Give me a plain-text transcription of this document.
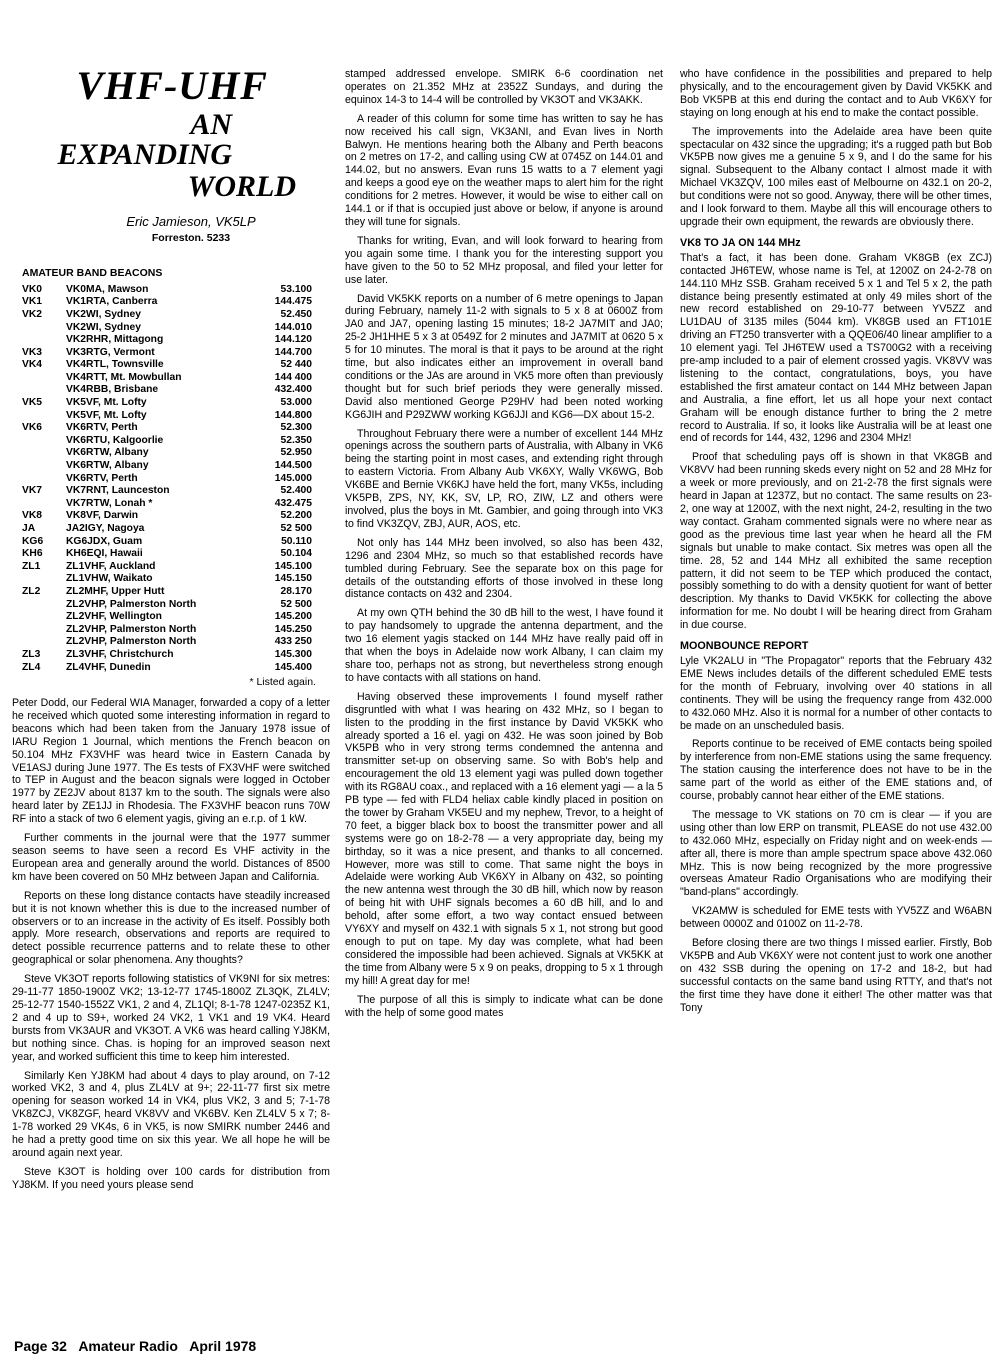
VHF-UHF
AN EXPANDING
WORLD
Eric Jamieson, VK5LP
Forreston. 5233
AMATEUR BAND BEACONS
VK0	VK0MA, Mawson	53.100
VK1	VK1RTA, Canberra	144.475
VK2	VK2WI, Sydney	52.450
	VK2WI, Sydney	144.010
	VK2RHR, Mittagong	144.120
VK3	VK3RTG, Vermont	144.700
VK4	VK4RTL, Townsville	52 440
	VK4RTT, Mt. Mowbullan	144 400
	VK4RBB, Brisbane	432.400
VK5	VK5VF, Mt. Lofty	53.000
	VK5VF, Mt. Lofty	144.800
VK6	VK6RTV, Perth	52.300
	VK6RTU, Kalgoorlie	52.350
	VK6RTW, Albany	52.950
	VK6RTW, Albany	144.500
	VK6RTV, Perth	145.000
VK7	VK7RNT, Launceston	52.400
	VK7RTW, Lonah *	432.475
VK8	VK8VF, Darwin	52.200
JA	JA2IGY, Nagoya	52 500
KG6	KG6JDX, Guam	50.110
KH6	KH6EQI, Hawaii	50.104
ZL1	ZL1VHF, Auckland	145.100
	ZL1VHW, Waikato	145.150
ZL2	ZL2MHF, Upper Hutt	28.170
	ZL2VHP, Palmerston North	52 500
	ZL2VHF, Wellington	145.200
	ZL2VHP, Palmerston North	145.250
	ZL2VHP, Palmerston North	433 250
ZL3	ZL3VHF, Christchurch	145.300
ZL4	ZL4VHF, Dunedin	145.400
* Listed again.

Peter Dodd, our Federal WIA Manager, forwarded a copy of a letter he received which quoted some interesting information in regard to beacons which had been taken from the January 1978 issue of IARU Region 1 Journal, which mentions the French beacon on 50.104 MHz FX3VHF was heard twice in Eastern Canada by VE1ASJ during June 1977. The Es tests of FX3VHF were switched to TEP in August and the beacon signals were logged in October 1977 by ZE2JV about 8137 km to the south. The signals were also heard later by ZE1JJ in Rhodesia. The FX3VHF beacon runs 70W RF into a stack of two 6 element yagis, giving an e.r.p. of 1 kW.

Further comments in the journal were that the 1977 summer season seems to have seen a record Es VHF activity in the European area and generally around the world. Distances of 8500 km have been covered on 50 MHz between Japan and California.

Reports on these long distance contacts have steadily increased but it is not known whether this is due to the increased number of observers or to an increase in the activity of Es itself. Possibly both apply. More research, observations and reports are required to detect possible recurrence patterns and to relate these to other geographical or solar phenomena. Any thoughts?

Steve VK3OT reports following statistics of VK9NI for six metres: 29-11-77 1850-1900Z VK2; 13-12-77 1745-1800Z ZL3QK, ZL4LV; 25-12-77 1540-1552Z VK1, 2 and 4, ZL1QI; 8-1-78 1247-0235Z K1, 2 and 4 up to S9+, worked 24 VK2, 1 VK1 and 19 VK4. Heard bursts from VK3AUR and VK3OT. A VK6 was heard calling YJ8KM, but nothing since. Chas. is hoping for an improved season next year, and worked sufficient this time to keep him interested.

Similarly Ken YJ8KM had about 4 days to play around, on 7-12 worked VK2, 3 and 4, plus ZL4LV at 9+; 22-11-77 first six metre opening for season worked 14 in VK4, plus VK2, 3 and 5; 7-1-78 VK8ZCJ, VK8ZGF, heard VK8VV and VK6BV. Ken ZL4LV 5 x 7; 8-1-78 worked 29 VK4s, 6 in VK5, is now SMIRK number 2446 and he had a pretty good time on six this year. We all hope he will be around again next year.

Steve K3OT is holding over 100 cards for distribution from YJ8KM. If you need yours please send

stamped addressed envelope. SMIRK 6-6 coordination net operates on 21.352 MHz at 2352Z Sundays, and during the equinox 14-3 to 14-4 will be controlled by VK3OT and VK3AKK.

A reader of this column for some time has written to say he has now received his call sign, VK3ANI, and Evan lives in North Balwyn. He mentions hearing both the Albany and Perth beacons on 2 metres on 17-2, and calling using CW at 0745Z on 144.01 and 144.02, but no answers. Evan runs 15 watts to a 7 element yagi and keeps a good eye on the weather maps to alert him for the right conditions for 2 metres. However, it would be wise to either call on 144.1 or if that is occupied just above or below, if anyone is around they will tune for signals.

Thanks for writing, Evan, and will look forward to hearing from you again some time. I thank you for the interesting support you have given to the 50 to 52 MHz proposal, and filed your letter for use later.

David VK5KK reports on a number of 6 metre openings to Japan during February, namely 11-2 with signals to 5 x 8 at 0600Z from JA0 and JA7, opening lasting 15 minutes; 18-2 JA7MIT and JA0; 25-2 JH1HHE 5 x 3 at 0549Z for 2 minutes and JA7MIT at 0620 5 x 5 for 10 minutes. The moral is that it pays to be around at the right time, but also indicates either an improvement in overall band conditions or the JAs are around in VK5 more often than previously thought but for such brief periods they were generally missed. David also mentioned George P29HV had been noted working KG6JIH and P29ZWW working KG6JJI and KG6—DX about 15-2.

Throughout February there were a number of excellent 144 MHz openings across the southern parts of Australia, with Albany in VK6 being the starting point in most cases, and extending right through to eastern Victoria. From Albany Aub VK6XY, Wally VK6WG, Bob VK6BE and Bernie VK6KJ have held the fort, many VK5s, including VK5PB, ZPS, NY, KK, SV, LP, RO, ZIW, LZ and others were involved, plus the boys in Mt. Gambier, and going through into VK3 to find VK3ZQV, ZBJ, AUR, AOS, etc.

Not only has 144 MHz been involved, so also has been 432, 1296 and 2304 MHz, so much so that established records have tumbled during February. See the separate box on this page for details of the outstanding efforts of those involved in these long distance contacts on 432 and 2304.

At my own QTH behind the 30 dB hill to the west, I have found it to pay handsomely to upgrade the antenna department, and the two 16 element yagis stacked on 144 MHz have really paid off in that when the boys in Adelaide now work Albany, I can claim my share too, perhaps not as strong, but nevertheless strong enough to have contacts with all stations on hand.

Having observed these improvements I found myself rather disgruntled with what I was hearing on 432 MHz, so I began to listen to the prodding in the first instance by David VK5KK who already sported a 16 el. yagi on 432. He was soon joined by Bob VK5PB who in very strong terms condemned the antenna and transmitter set-up on observing same. So with Bob's help and encouragement the old 13 element yagi was pulled down together with its RG8AU coax., and replaced with a 16 element yagi — a la 5 PB type — fed with FLD4 heliax cable kindly placed in position on the tower by Graham VK5EU and my nephew, Trevor, to a height of 70 feet, a bigger black box to boost the transmitter power and all systems were go on 18-2-78 — a very appropriate day, being my birthday, so it was a nice present, and thanks to all concerned. However, more was still to come. That same night the boys in Adelaide were working Aub VK6XY in Albany on 432, so pointing the new antenna west through the 30 dB hill, which now by reason of being hit with UHF signals becomes a 60 dB hill, and lo and behold, after some effort, a two way contact ensued between VY6XY and myself on 432.1 with signals 5 x 1, not strong but good enough to put on tape. My day was complete, what had been considered the impossible had been achieved. Signals at VK5KK at the time from Albany were 5 x 9 on peaks, dropping to 5 x 1 through my hill! A great day for me!

The purpose of all this is simply to indicate what can be done with the help of some good mates

who have confidence in the possibilities and prepared to help physically, and to the encouragement given by David VK5KK and Bob VK5PB at this end during the contact and to Aub VK6XY for staying on long enough at his end to make the contact possible.

The improvements into the Adelaide area have been quite spectacular on 432 since the upgrading; it's a rugged path but Bob VK5PB now gives me a genuine 5 x 9, and I do the same for his signal. Subsequent to the Albany contact I almost made it with Michael VK3ZQV, 100 miles east of Melbourne on 432.1 on 20-2, but conditions were not so good. Anyway, there will be other times, and I look forward to them. Maybe all this will encourage others to upgrade their own equipment, the rewards are obviously there.

VK8 TO JA ON 144 MHz

That's a fact, it has been done. Graham VK8GB (ex ZCJ) contacted JH6TEW, whose name is Tel, at 1200Z on 24-2-78 on 144.110 MHz SSB. Graham received 5 x 1 and Tel 5 x 2, the path distance being presently estimated at only 49 miles short of the new record established on 29-10-77 between YV5ZZ and LU1DAU of 3135 miles (5044 km). VK8GB used an FT101E driving an FT250 transverter with a QQE06/40 linear amplifier to a 10 element yagi. Tel JH6TEW used a TS700G2 with a receiving pre-amp included to a pair of element crossed yagis. VK8VV was listening to the contact, congratulations, boys, you have established the first amateur contact on 144 MHz between Japan and Australia, a fine effort, let us all hope your next contact Graham will be enough distance further to bring the 2 metre record to Australia. If so, it looks like Australia will be at least one end of records for 144, 432, 1296 and 2304 MHz!

Proof that scheduling pays off is shown in that VK8GB and VK8VV had been running skeds every night on 52 and 28 MHz for a week or more previously, and on 21-2-78 the first signals were heard in Japan at 1237Z, but no contact. The same results on 23-2, one way at 1200Z, with the next night, 24-2, resulting in the two way contact. Graham commented signals were no where near as good as the previous time last year when he heard all the FM signals but unable to make contact. Six metres was open all the time. 28, 52 and 144 MHz all exhibited the same reception pattern, it did not seem to be TEP which produced the contact, possibly something to do with a density quotient for want of better description. My thanks to David VK5KK for collecting the above information for me. No doubt I will be hearing direct from Graham in due course.

MOONBOUNCE REPORT

Lyle VK2ALU in "The Propagator" reports that the February 432 EME News includes details of the different scheduled EME tests for the month of February, involving over 40 stations in all continents. They will be using the frequency range from 432.000 to 432.060 MHz. Also it is normal for a number of other contacts to be made on an unscheduled basis.

Reports continue to be received of EME contacts being spoiled by interference from non-EME stations using the same frequency. The station causing the interference does not have to be in the same part of the world as either of the EME stations and, of course, probably cannot hear either of the EME stations.

The message to VK stations on 70 cm is clear — if you are using other than low ERP on transmit, PLEASE do not use 432.00 to 432.060 MHz, especially on Friday night and on week-ends — after all, there is more than ample spectrum space above 432.060 MHz. This is now being recognized by the more progressive overseas Amateur Radio Organisations who are modifying their "band-plans" accordingly.

VK2AMW is scheduled for EME tests with YV5ZZ and W6ABN between 0000Z and 0100Z on 11-2-78.

Before closing there are two things I missed earlier. Firstly, Bob VK5PB and Aub VK6XY were not content just to work one another on 432 SSB during the opening on 17-2 and 18-2, but had successful contacts on the same band using RTTY, and that's not the first time they have done it either! The other matter was that Tony

Page 32 Amateur Radio April 1978
